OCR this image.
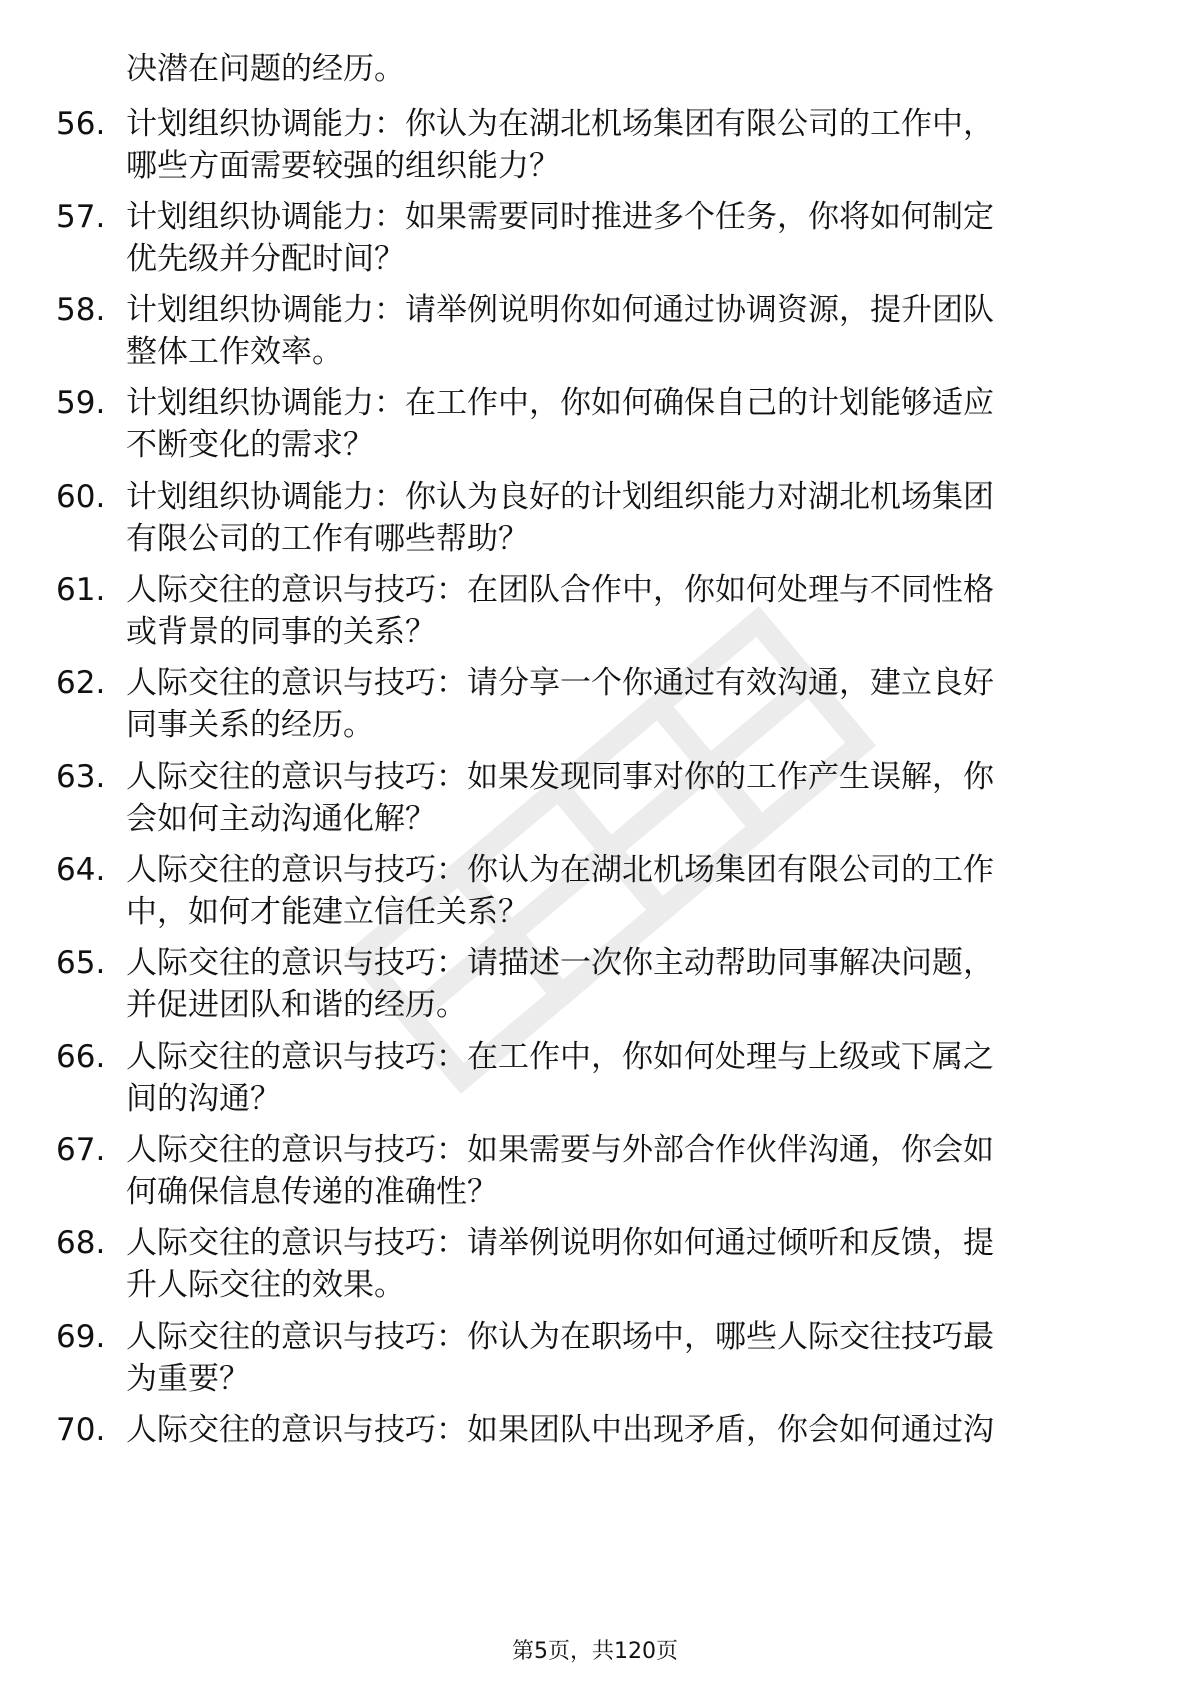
决潜在问题的经历。
56. 计划组织协调能力：你认为在湖北机场集团有限公司的工作中，
哪些方面需要较强的组织能力？
57. 计划组织协调能力：如果需要同时推进多个任务，你将如何制定
优先级并分配时间？
58. 计划组织协调能力：请举例说明你如何通过协调资源，提升团队
整体工作效率。
59. 计划组织协调能力：在工作中，你如何确保自己的计划能够适应
不断变化的需求？
60. 计划组织协调能力：你认为良好的计划组织能力对湖北机场集团
有限公司的工作有哪些帮助？
61. 人际交往的意识与技巧：在团队合作中，你如何处理与不同性格
或背景的同事的关系？
62. 人际交往的意识与技巧：请分享一个你通过有效沟通，建立良好
同事关系的经历。
63. 人际交往的意识与技巧：如果发现同事对你的工作产生误解，你
会如何主动沟通化解？
64. 人际交往的意识与技巧：你认为在湖北机场集团有限公司的工作
中，如何才能建立信任关系？
65. 人际交往的意识与技巧：请描述一次你主动帮助同事解决问题，
并促进团队和谐的经历。
66. 人际交往的意识与技巧：在工作中，你如何处理与上级或下属之
间的沟通？
67. 人际交往的意识与技巧：如果需要与外部合作伙伴沟通，你会如
何确保信息传递的准确性？
68. 人际交往的意识与技巧：请举例说明你如何通过倾听和反馈，提
升人际交往的效果。
69. 人际交往的意识与技巧：你认为在职场中，哪些人际交往技巧最
为重要？
70. 人际交往的意识与技巧：如果团队中出现矛盾，你会如何通过沟
第5页，共120页
